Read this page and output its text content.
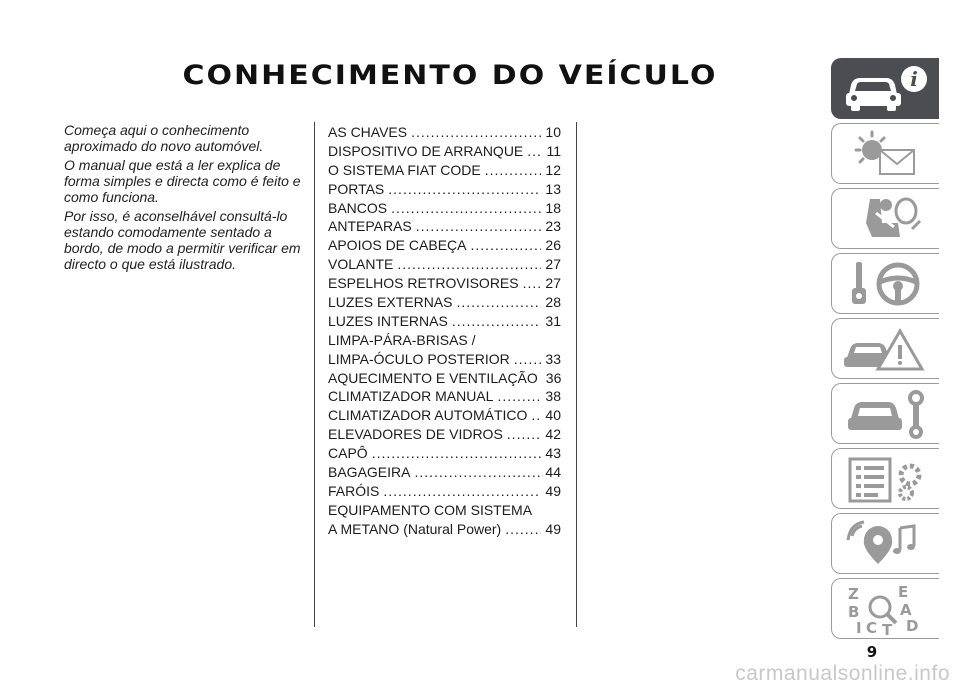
CONHECIMENTO DO VEÍCULO

Começa aqui o conhecimento aproximado do novo automóvel.

O manual que está a ler explica de forma simples e directa como é feito e como funciona.

Por isso, é aconselhável consultá-lo estando comodamente sentado a bordo, de modo a permitir verificar em directo o que está ilustrado.

AS CHAVES .....	10
DISPOSITIVO DE ARRANQUE ..... 11
O SISTEMA FIAT CODE .....	12
PORTAS .....	13
BANCOS .....	18
ANTEPARAS .....	23
APOIOS DE CABEÇA .....	26
VOLANTE .....	27
ESPELHOS RETROVISORES ..... 27
LUZES EXTERNAS .....	28
LUZES INTERNAS .....	31
LIMPA-PÁRA-BRISAS /
LIMPA-ÓCULO POSTERIOR .....	33
AQUECIMENTO E VENTILAÇÃO 36
CLIMATIZADOR MANUAL .....	38
CLIMATIZADOR AUTOMÁTICO ..... 40
ELEVADORES DE VIDROS .....	42
CAPÔ .....	43
BAGAGEIRA .....	44
FARÓIS .....	49
EQUIPAMENTO COM SISTEMA
A METANO (Natural Power) .....	49
i
Z	E
B	A
I C T D
9
carmanualsonline.info
